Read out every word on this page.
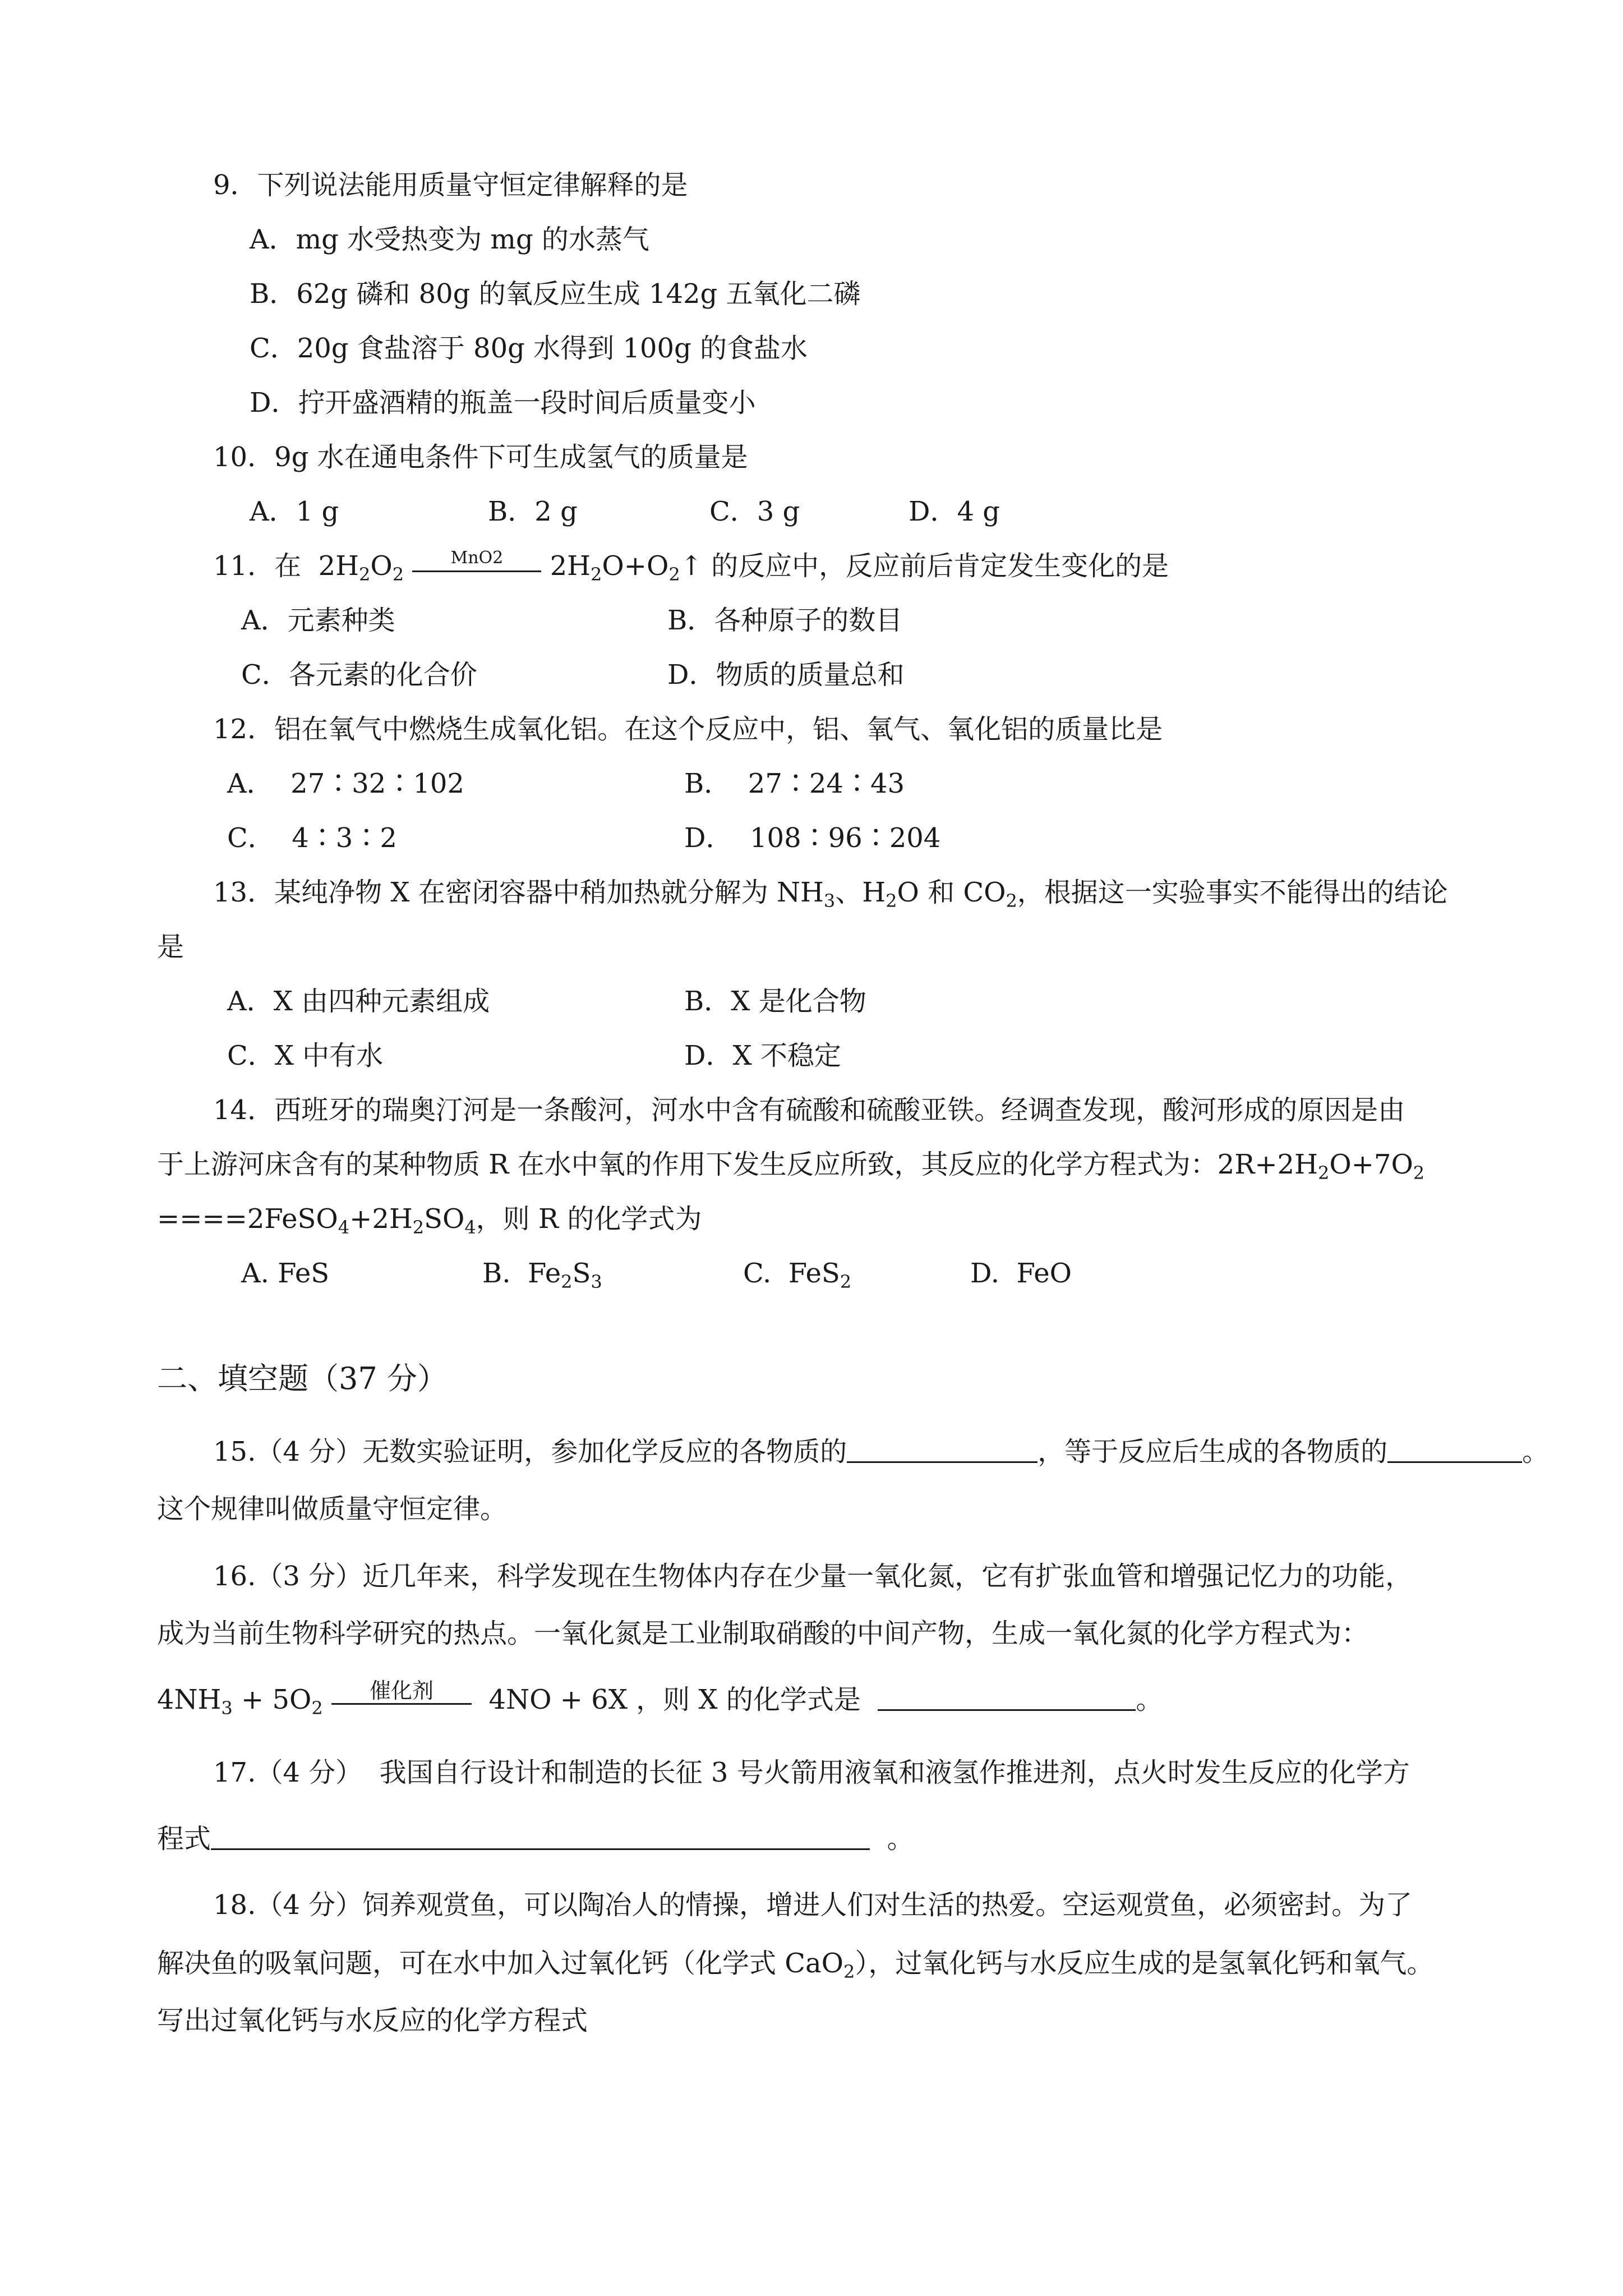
9．下列说法能用质量守恒定律解释的是
A．mg 水受热变为 mg 的水蒸气
B．62g 磷和 80g 的氧反应生成 142g 五氧化二磷
C．20g 食盐溶于 80g 水得到 100g 的食盐水
D．拧开盛酒精的瓶盖一段时间后质量变小
10．9g 水在通电条件下可生成氢气的质量是
A．1 g	B．2 g	C．3 g	D．4 g
11．在 $2H_2O_2$
MnO2	$2H_2O+O_2↑$ 的反应中，反应前后肯定发生变化的是
A．元素种类	B．各种原子的数目
C．各元素的化合价	D．物质的质量总和
12．铝在氧气中燃烧生成氧化铝。在这个反应中，铝、氧气、氧化铝的质量比是
A．  27∶32∶102	B．  27∶24∶43
C．  4∶3∶2	D．  108∶96∶204
13．某纯净物 X 在密闭容器中稍加热就分解为 $NH_3$、$H_2O$ 和 $CO_2$，根据这一实验事实不能得出的结论
是
A．X 由四种元素组成	B．X 是化合物
C．X 中有水	D．X 不稳定
14．西班牙的瑞奥汀河是一条酸河，河水中含有硫酸和硫酸亚铁。经调查发现，酸河形成的原因是由
于上游河床含有的某种物质 R 在水中氧的作用下发生反应所致，其反应的化学方程式为：$2R+2H_2O+7O_2$
$====2FeSO_4+2H_2SO_4$，则 R 的化学式为
A. FeS	B.  $Fe_2S_3$	C.  FeS$_2$	D.  FeO
二、填空题（37 分）
15.（4 分）无数实验证明，参加化学反应的各物质的	，等于反应后生成的各物质的	。
这个规律叫做质量守恒定律。
16.（3 分）近几年来，科学发现在生物体内存在少量一氧化氮，它有扩张血管和增强记忆力的功能，
成为当前生物科学研究的热点。一氧化氮是工业制取硝酸的中间产物，生成一氧化氮的化学方程式为：
$4NH_3 + 5O_2$
催化剂	4NO + 6X ，则 X 的化学式是	。
17.（4 分）  我国自行设计和制造的长征 3 号火箭用液氧和液氢作推进剂，点火时发生反应的化学方
程式	。
18.（4 分）饲养观赏鱼，可以陶冶人的情操，增进人们对生活的热爱。空运观赏鱼，必须密封。为了
解决鱼的吸氧问题，可在水中加入过氧化钙（化学式 CaO$_2$），过氧化钙与水反应生成的是氢氧化钙和氧气。
写出过氧化钙与水反应的化学方程式
